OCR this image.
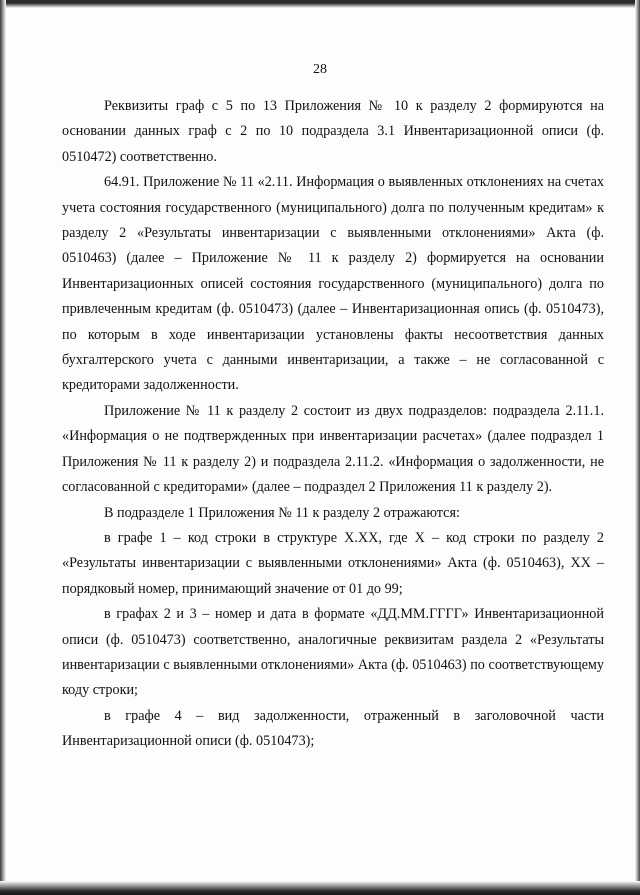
28

Реквизиты граф с 5 по 13 Приложения № 10 к разделу 2 формируются на основании данных граф с 2 по 10 подраздела 3.1 Инвентаризационной описи (ф. 0510472) соответственно.

64.91. Приложение № 11 «2.11. Информация о выявленных отклонениях на счетах учета состояния государственного (муниципального) долга по полученным кредитам» к разделу 2 «Результаты инвентаризации с выявленными отклонениями» Акта (ф. 0510463) (далее – Приложение № 11 к разделу 2) формируется на основании Инвентаризационных описей состояния государственного (муниципального) долга по привлеченным кредитам (ф. 0510473) (далее – Инвентаризационная опись (ф. 0510473), по которым в ходе инвентаризации установлены факты несоответствия данных бухгалтерского учета с данными инвентаризации, а также – не согласованной с кредиторами задолженности.

Приложение № 11 к разделу 2 состоит из двух подразделов: подраздела 2.11.1. «Информация о не подтвержденных при инвентаризации расчетах» (далее подраздел 1 Приложения № 11 к разделу 2) и подраздела 2.11.2. «Информация о задолженности, не согласованной с кредиторами» (далее – подраздел 2 Приложения 11 к разделу 2).

В подразделе 1 Приложения № 11 к разделу 2 отражаются:

в графе 1 – код строки в структуре X.XX, где X – код строки по разделу 2 «Результаты инвентаризации с выявленными отклонениями» Акта (ф. 0510463), XX – порядковый номер, принимающий значение от 01 до 99;

в графах 2 и 3 – номер и дата в формате «ДД.ММ.ГГГГ» Инвентаризационной описи (ф. 0510473) соответственно, аналогичные реквизитам раздела 2 «Результаты инвентаризации с выявленными отклонениями» Акта (ф. 0510463) по соответствующему коду строки;

в графе 4 – вид задолженности, отраженный в заголовочной части Инвентаризационной описи (ф. 0510473);
